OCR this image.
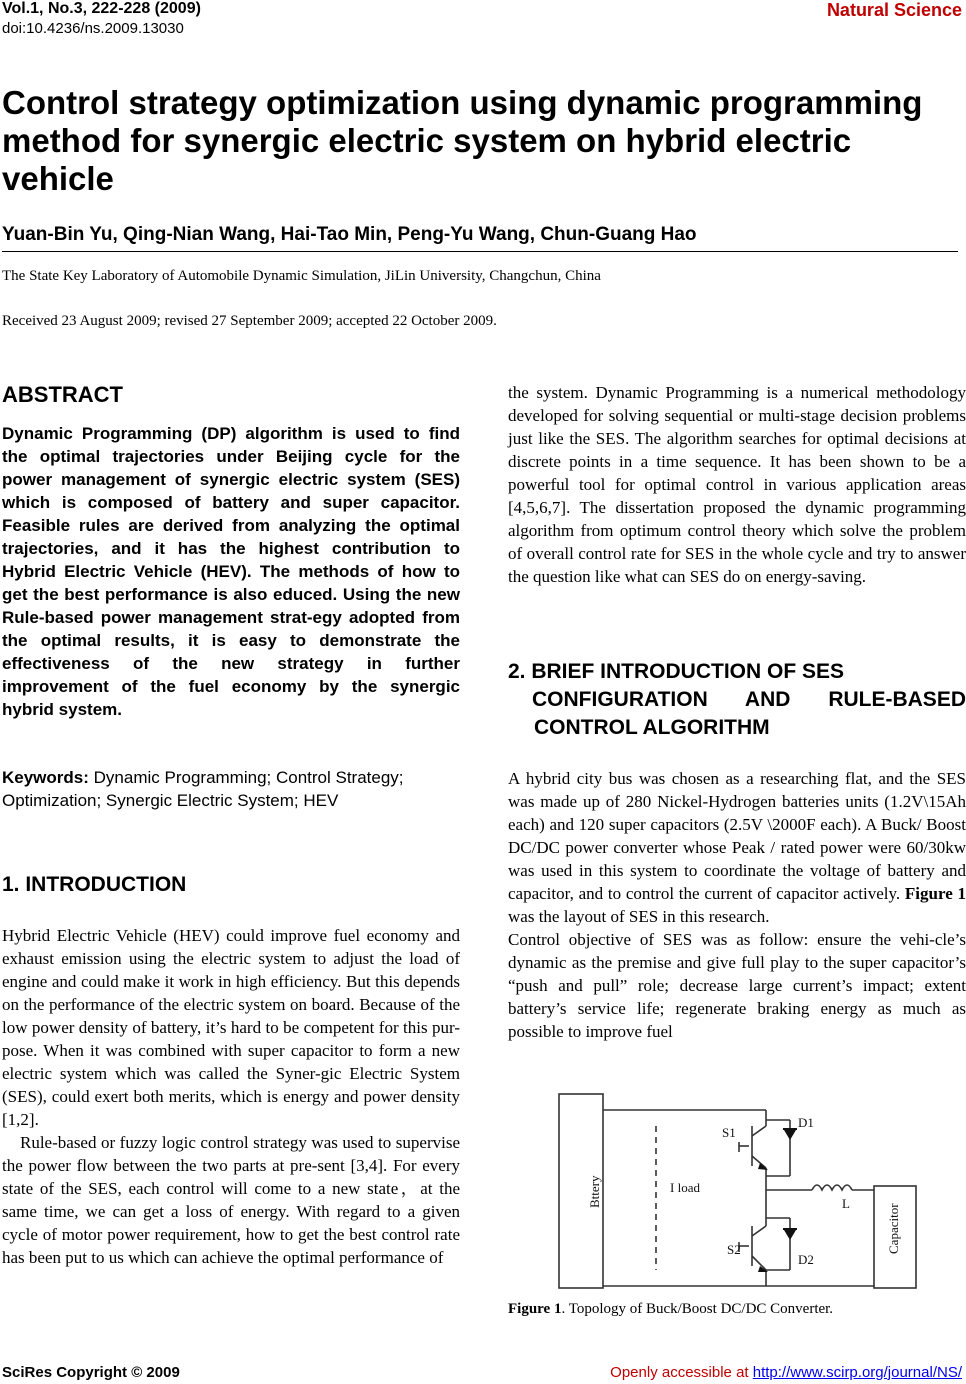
Vol.1, No.3, 222-228 (2009)
doi:10.4236/ns.2009.13030
Natural Science
Control strategy optimization using dynamic programming method for synergic electric system on hybrid electric vehicle
Yuan-Bin Yu, Qing-Nian Wang, Hai-Tao Min, Peng-Yu Wang, Chun-Guang Hao
The State Key Laboratory of Automobile Dynamic Simulation, JiLin University, Changchun, China
Received 23 August 2009; revised 27 September 2009; accepted 22 October 2009.
ABSTRACT
Dynamic Programming (DP) algorithm is used to find the optimal trajectories under Beijing cycle for the power management of synergic electric system (SES) which is composed of battery and super capacitor. Feasible rules are derived from analyzing the optimal trajectories, and it has the highest contribution to Hybrid Electric Vehicle (HEV). The methods of how to get the best performance is also educed. Using the new Rule-based power management strat-egy adopted from the optimal results, it is easy to demonstrate the effectiveness of the new strategy in further improvement of the fuel economy by the synergic hybrid system.
Keywords: Dynamic Programming; Control Strategy; Optimization; Synergic Electric System; HEV
1. INTRODUCTION

Hybrid Electric Vehicle (HEV) could improve fuel economy and exhaust emission using the electric system to adjust the load of engine and could make it work in high efficiency. But this depends on the performance of the electric system on board. Because of the low power density of battery, it’s hard to be competent for this pur-pose. When it was combined with super capacitor to form a new electric system which was called the Syner-gic Electric System (SES), could exert both merits, which is energy and power density [1,2].

Rule-based or fuzzy logic control strategy was used to supervise the power flow between the two parts at pre-sent [3,4]. For every state of the SES, each control will come to a new state，at the same time, we can get a loss of energy. With regard to a given cycle of motor power requirement, how to get the best control rate has been put to us which can achieve the optimal performance of

the system. Dynamic Programming is a numerical methodology developed for solving sequential or multi-stage decision problems just like the SES. The algorithm searches for optimal decisions at discrete points in a time sequence. It has been shown to be a powerful tool for optimal control in various application areas [4,5,6,7]. The dissertation proposed the dynamic programming algorithm from optimum control theory which solve the problem of overall control rate for SES in the whole cycle and try to answer the question like what can SES do on energy-saving.
2. BRIEF INTRODUCTION OF SES
CONFIGURATION AND RULE-BASED
CONTROL ALGORITHM

A hybrid city bus was chosen as a researching flat, and the SES was made up of 280 Nickel-Hydrogen batteries units (1.2V\15Ah each) and 120 super capacitors (2.5V \2000F each). A Buck/ Boost DC/DC power converter whose Peak / rated power were 60/30kw was used in this system to coordinate the voltage of battery and capacitor, and to control the current of capacitor actively. Figure 1 was the layout of SES in this research.

Control objective of SES was as follow: ensure the vehi-cle’s dynamic as the premise and give full play to the super capacitor’s “push and pull” role; decrease large current’s impact; extent battery’s service life; regenerate braking energy as much as possible to improve fuel

S1
D1
I load
L
S2
D2
Bttery
Capacitor
Figure 1. Topology of Buck/Boost DC/DC Converter.
SciRes Copyright © 2009	Openly accessible at http://www.scirp.org/journal/NS/
